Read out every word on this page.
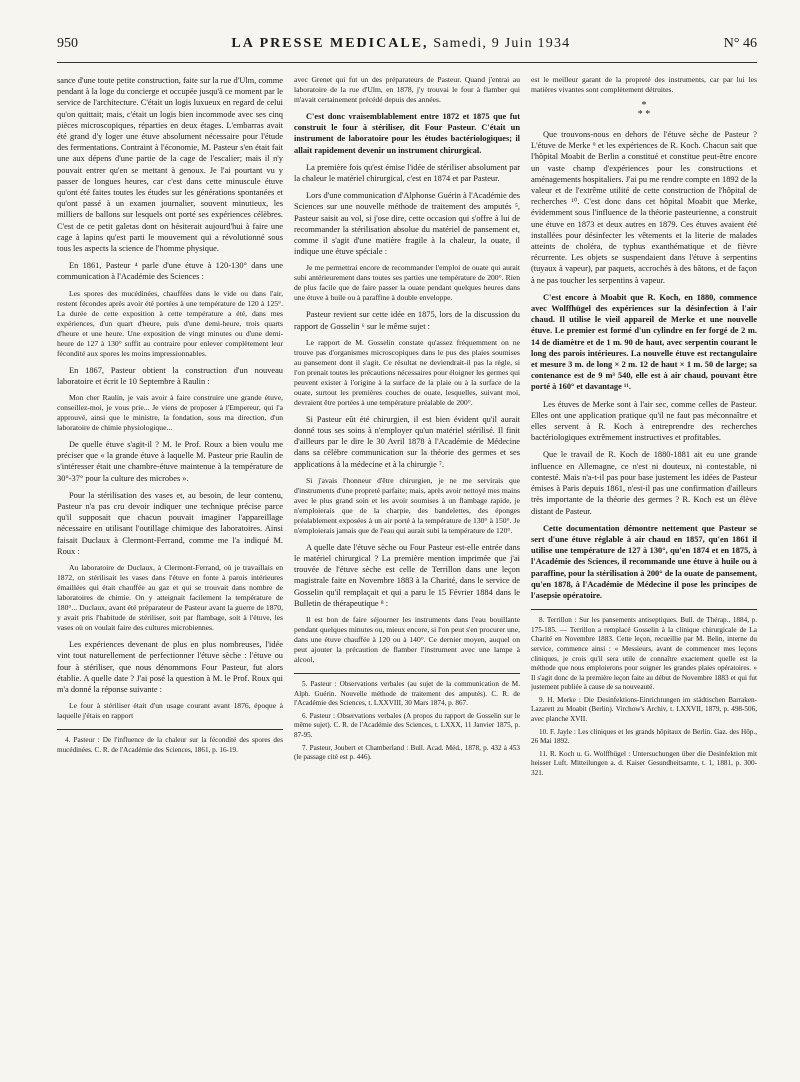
950	LA PRESSE MEDICALE, Samedi, 9 Juin 1934	N° 46

sance d'une toute petite construction, faite sur la rue d'Ulm, comme pendant à la loge du concierge et occupée jusqu'à ce moment par le service de l'architecture. C'était un logis luxueux en regard de celui qu'on quittait; mais, c'était un logis bien incommode avec ses cinq pièces microscopiques, réparties en deux étages. L'embarras avait été grand d'y loger une étuve absolument nécessaire pour l'étude des fermentations. Contraint à l'économie, M. Pasteur s'en était fait une aux dépens d'une partie de la cage de l'escalier; mais il n'y pouvait entrer qu'en se mettant à genoux. Je l'ai pourtant vu y passer de longues heures, car c'est dans cette minuscule étuve qu'ont été faites toutes les études sur les générations spontanées et qu'ont passé à un examen journalier, souvent minutieux, les milliers de ballons sur lesquels ont porté ses expériences célèbres. C'est de ce petit galetas dont on hésiterait aujourd'hui à faire une cage à lapins qu'est parti le mouvement qui a révolutionné sous tous les aspects la science de l'homme physique.

En 1861, Pasteur ⁴ parle d'une étuve à 120-130° dans une communication à l'Académie des Sciences :

Les spores des mucédinées, chauffées dans le vide ou dans l'air, restent fécondes après avoir été portées à une température de 120 à 125°. La durée de cette exposition à cette température a été, dans mes expériences, d'un quart d'heure, puis d'une demi-heure, trois quarts d'heure et une heure. Une exposition de vingt minutes ou d'une demi-heure de 127 à 130° suffit au contraire pour enlever complètement leur fécondité aux spores les moins impressionnables.

En 1867, Pasteur obtient la construction d'un nouveau laboratoire et écrit le 10 Septembre à Raulin :

Mon cher Raulin, je vais avoir à faire construire une grande étuve, conseillez-moi, je vous prie... Je viens de proposer à l'Empereur, qui l'a approuvé, ainsi que le ministre, la fondation, sous ma direction, d'un laboratoire de chimie physiologique...

De quelle étuve s'agit-il ? M. le Prof. Roux a bien voulu me préciser que « la grande étuve à laquelle M. Pasteur prie Raulin de s'intéresser était une chambre-étuve maintenue à la température de 30°-37° pour la culture des microbes ».

Pour la stérilisation des vases et, au besoin, de leur contenu, Pasteur n'a pas cru devoir indiquer une technique précise parce qu'il supposait que chacun pouvait imaginer l'appareillage nécessaire en utilisant l'outillage chimique des laboratoires. Ainsi faisait Duclaux à Clermont-Ferrand, comme me l'a indiqué M. Roux :

Au laboratoire de Duclaux, à Clermont-Ferrand, où je travaillais en 1872, on stérilisait les vases dans l'étuve en fonte à parois intérieures émaillées qui était chauffée au gaz et qui se trouvait dans nombre de laboratoires de chimie. On y atteignait facilement la température de 180°... Duclaux, avant été préparateur de Pasteur avant la guerre de 1870, y avait pris l'habitude de stériliser, soit par flambage, soit à l'étuve, les vases où on voulait faire des cultures microbiennes.

Les expériences devenant de plus en plus nombreuses, l'idée vint tout naturellement de perfectionner l'étuve sèche : l'étuve ou four à stériliser, que nous dénommons Four Pasteur, fut alors établie. A quelle date ? J'ai posé la question à M. le Prof. Roux qui m'a donné la réponse suivante :

Le four à stériliser était d'un usage courant avant 1876, époque à laquelle j'étais en rapport

4. Pasteur : De l'influence de la chaleur sur la fécondité des spores des mucédinées. C. R. de l'Académie des Sciences, 1861, p. 16-19.

avec Grenet qui fut un des préparateurs de Pasteur. Quand j'entrai au laboratoire de la rue d'Ulm, en 1878, j'y trouvai le four à flamber qui m'avait certainement précédé depuis des années.

C'est donc vraisemblablement entre 1872 et 1875 que fut construit le four à stériliser, dit Four Pasteur. C'était un instrument de laboratoire pour les études bactériologiques; il allait rapidement devenir un instrument chirurgical.

La première fois qu'est émise l'idée de stériliser absolument par la chaleur le matériel chirurgical, c'est en 1874 et par Pasteur.

Lors d'une communication d'Alphonse Guérin à l'Académie des Sciences sur une nouvelle méthode de traitement des amputés ⁵, Pasteur saisit au vol, si j'ose dire, cette occasion qui s'offre à lui de recommander la stérilisation absolue du matériel de pansement et, comme il s'agit d'une matière fragile à la chaleur, la ouate, il indique une étuve spéciale :

Je me permettrai encore de recommander l'emploi de ouate qui aurait subi antérieurement dans toutes ses parties une température de 200°. Rien de plus facile que de faire passer la ouate pendant quelques heures dans une étuve à huile ou à paraffine à double enveloppe.

Pasteur revient sur cette idée en 1875, lors de la discussion du rapport de Gosselin ⁶ sur le même sujet :

Le rapport de M. Gosselin constate qu'assez fréquemment on ne trouve pas d'organismes microscopiques dans le pus des plaies soumises au pansement dont il s'agit. Ce résultat ne deviendrait-il pas la règle, si l'on prenait toutes les précautions nécessaires pour éloigner les germes qui peuvent exister à l'origine à la surface de la plaie ou à la surface de la ouate, surtout les premières couches de ouate, lesquelles, suivant moi, devraient être portées à une température préalable de 200°.

Si Pasteur eût été chirurgien, il est bien évident qu'il aurait donné tous ses soins à n'employer qu'un matériel stérilisé. Il finit d'ailleurs par le dire le 30 Avril 1878 à l'Académie de Médecine dans sa célèbre communication sur la théorie des germes et ses applications à la médecine et à la chirurgie ⁷.

Si j'avais l'honneur d'être chirurgien, je ne me servirais que d'instruments d'une propreté parfaite; mais, après avoir nettoyé mes mains avec le plus grand soin et les avoir soumises à un flambage rapide, je n'emploierais que de la charpie, des bandelettes, des éponges préalablement exposées à un air porté à la température de 130° à 150°. Je n'emploierais jamais que de l'eau qui aurait subi la température de 120°.

A quelle date l'étuve sèche ou Four Pasteur est-elle entrée dans le matériel chirurgical ? La première mention imprimée que j'ai trouvée de l'étuve sèche est celle de Terrillon dans une leçon magistrale faite en Novembre 1883 à la Charité, dans le service de Gosselin qu'il remplaçait et qui a paru le 15 Février 1884 dans le Bulletin de thérapeutique ⁸ :

Il est bon de faire séjourner les instruments dans l'eau bouillante pendant quelques minutes ou, mieux encore, si l'on peut s'en procurer une, dans une étuve chauffée à 120 ou à 140°. Ce dernier moyen, auquel on peut ajouter la précaution de flamber l'instrument avec une lampe à alcool,

5. Pasteur : Observations verbales (au sujet de la communication de M. Alph. Guérin. Nouvelle méthode de traitement des amputés). C. R. de l'Académie des Sciences, t. LXXVIII, 30 Mars 1874, p. 867.

6. Pasteur : Observations verbales (A propos du rapport de Gosselin sur le même sujet). C. R. de l'Académie des Sciences, t. LXXX, 11 Janvier 1875, p. 87-95.

7. Pasteur, Joubert et Chamberland : Bull. Acad. Méd., 1878, p. 432 à 453 (le passage cité est p. 446).

est le meilleur garant de la propreté des instruments, car par lui les matières vivantes sont complètement détruites.

*
* *

Que trouvons-nous en dehors de l'étuve sèche de Pasteur ? L'étuve de Merke ⁹ et les expériences de R. Koch. Chacun sait que l'hôpital Moabit de Berlin a constitué et constitue peut-être encore un vaste champ d'expériences pour les constructions et aménagements hospitaliers. J'ai pu me rendre compte en 1892 de la valeur et de l'extrême utilité de cette construction de l'hôpital de recherches ¹⁰. C'est donc dans cet hôpital Moabit que Merke, évidemment sous l'influence de la théorie pasteurienne, a construit une étuve en 1873 et deux autres en 1879. Ces étuves avaient été installées pour désinfecter les vêtements et la literie de malades atteints de choléra, de typhus exanthématique et de fièvre récurrente. Les objets se suspendaient dans l'étuve à serpentins (tuyaux à vapeur), par paquets, accrochés à des bâtons, et de façon à ne pas toucher les serpentins à vapeur.

C'est encore à Moabit que R. Koch, en 1880, commence avec Wolffhügel des expériences sur la désinfection à l'air chaud. Il utilise le vieil appareil de Merke et une nouvelle étuve. Le premier est formé d'un cylindre en fer forgé de 2 m. 14 de diamètre et de 1 m. 90 de haut, avec serpentin courant le long des parois intérieures. La nouvelle étuve est rectangulaire et mesure 3 m. de long × 2 m. 12 de haut × 1 m. 50 de large; sa contenance est de 9 m³ 540, elle est à air chaud, pouvant être porté à 160° et davantage ¹¹.

Les étuves de Merke sont à l'air sec, comme celles de Pasteur. Elles ont une application pratique qu'il ne faut pas méconnaître et elles servent à R. Koch à entreprendre des recherches bactériologiques extrêmement instructives et profitables.

Que le travail de R. Koch de 1880-1881 ait eu une grande influence en Allemagne, ce n'est ni douteux, ni contestable, ni contesté. Mais n'a-t-il pas pour base justement les idées de Pasteur émises à Paris depuis 1861, n'est-il pas une confirmation d'ailleurs très importante de la théorie des germes ? R. Koch est un élève distant de Pasteur.

Cette documentation démontre nettement que Pasteur se sert d'une étuve réglable à air chaud en 1857, qu'en 1861 il utilise une température de 127 à 130°, qu'en 1874 et en 1875, à l'Académie des Sciences, il recommande une étuve à huile ou à paraffine, pour la stérilisation à 200° de la ouate de pansement, qu'en 1878, à l'Académie de Médecine il pose les principes de l'asepsie opératoire.

8. Terrillon : Sur les pansements antiseptiques. Bull. de Thérap., 1884, p. 175-185. — Terrillon a remplacé Gosselin à la clinique chirurgicale de La Charité en Novembre 1883. Cette leçon, recueillie par M. Belin, interne du service, commence ainsi : « Messieurs, avant de commencer mes leçons cliniques, je crois qu'il sera utile de connaître exactement quelle est la méthode que nous emploierons pour soigner les grandes plaies opératoires. » Il s'agit donc de la première leçon faite au début de Novembre 1883 et qui fut justement publiée à cause de sa nouveauté.

9. H. Merke : Die Desinfektions-Einrichtungen im städtischen Barraken-Lazarett zu Moabit (Berlin). Virchow's Archiv, t. LXXVII, 1879, p. 498-506, avec planche XVII.

10. F. Jayle : Les cliniques et les grands hôpitaux de Berlin. Gaz. des Hôp., 26 Mai 1892.

11. R. Koch u. G. Wolffhügel : Untersuchungen über die Desinfektion mit heisser Luft. Mitteilungen a. d. Kaiser Gesundheitsamte, t. 1, 1881, p. 300-321.
